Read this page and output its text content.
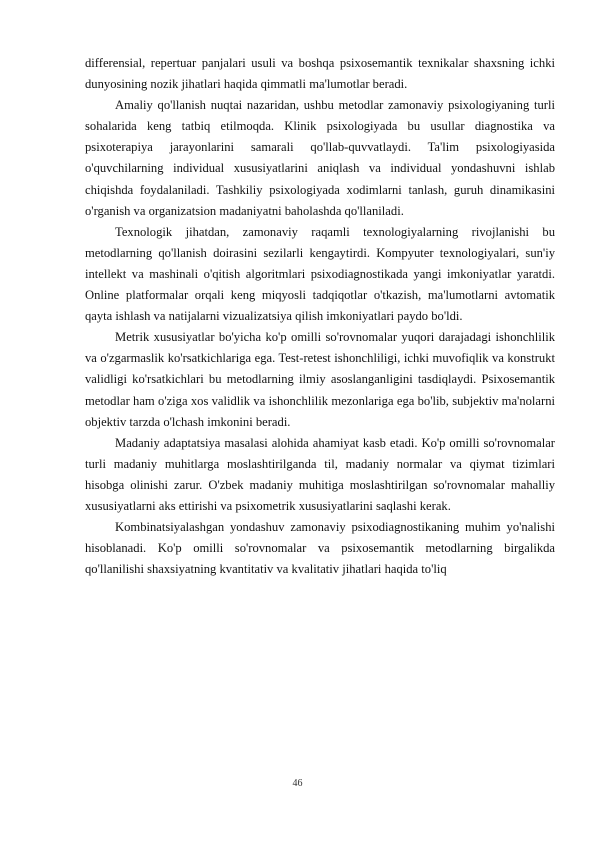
differensial, repertuar panjalari usuli va boshqa psixosemantik texnikalar shaxsning ichki dunyosining nozik jihatlari haqida qimmatli ma'lumotlar beradi.

Amaliy qo'llanish nuqtai nazaridan, ushbu metodlar zamonaviy psixologiyaning turli sohalarida keng tatbiq etilmoqda. Klinik psixologiyada bu usullar diagnostika va psixoterapiya jarayonlarini samarali qo'llab-quvvatlaydi. Ta'lim psixologiyasida o'quvchilarning individual xususiyatlarini aniqlash va individual yondashuvni ishlab chiqishda foydalaniladi. Tashkiliy psixologiyada xodimlarni tanlash, guruh dinamikasini o'rganish va organizatsion madaniyatni baholashda qo'llaniladi.

Texnologik jihatdan, zamonaviy raqamli texnologiyalarning rivojlanishi bu metodlarning qo'llanish doirasini sezilarli kengaytirdi. Kompyuter texnologiyalari, sun'iy intellekt va mashinali o'qitish algoritmlari psixodiagnostikada yangi imkoniyatlar yaratdi. Online platformalar orqali keng miqyosli tadqiqotlar o'tkazish, ma'lumotlarni avtomatik qayta ishlash va natijalarni vizualizatsiya qilish imkoniyatlari paydo bo'ldi.

Metrik xususiyatlar bo'yicha ko'p omilli so'rovnomalar yuqori darajadagi ishonchlilik va o'zgarmaslik ko'rsatkichlariga ega. Test-retest ishonchliligi, ichki muvofiqlik va konstrukt validligi ko'rsatkichlari bu metodlarning ilmiy asoslanganligini tasdiqlaydi. Psixosemantik metodlar ham o'ziga xos validlik va ishonchlilik mezonlariga ega bo'lib, subjektiv ma'nolarni objektiv tarzda o'lchash imkonini beradi.

Madaniy adaptatsiya masalasi alohida ahamiyat kasb etadi. Ko'p omilli so'rovnomalar turli madaniy muhitlarga moslashtirilganda til, madaniy normalar va qiymat tizimlari hisobga olinishi zarur. O'zbek madaniy muhitiga moslashtirilgan so'rovnomalar mahalliy xususiyatlarni aks ettirishi va psixometrik xususiyatlarini saqlashi kerak.

Kombinatsiyalashgan yondashuv zamonaviy psixodiagnostikaning muhim yo'nalishi hisoblanadi. Ko'p omilli so'rovnomalar va psixosemantik metodlarning birgalikda qo'llanilishi shaxsiyatning kvantitativ va kvalitativ jihatlari haqida to'liq

46
